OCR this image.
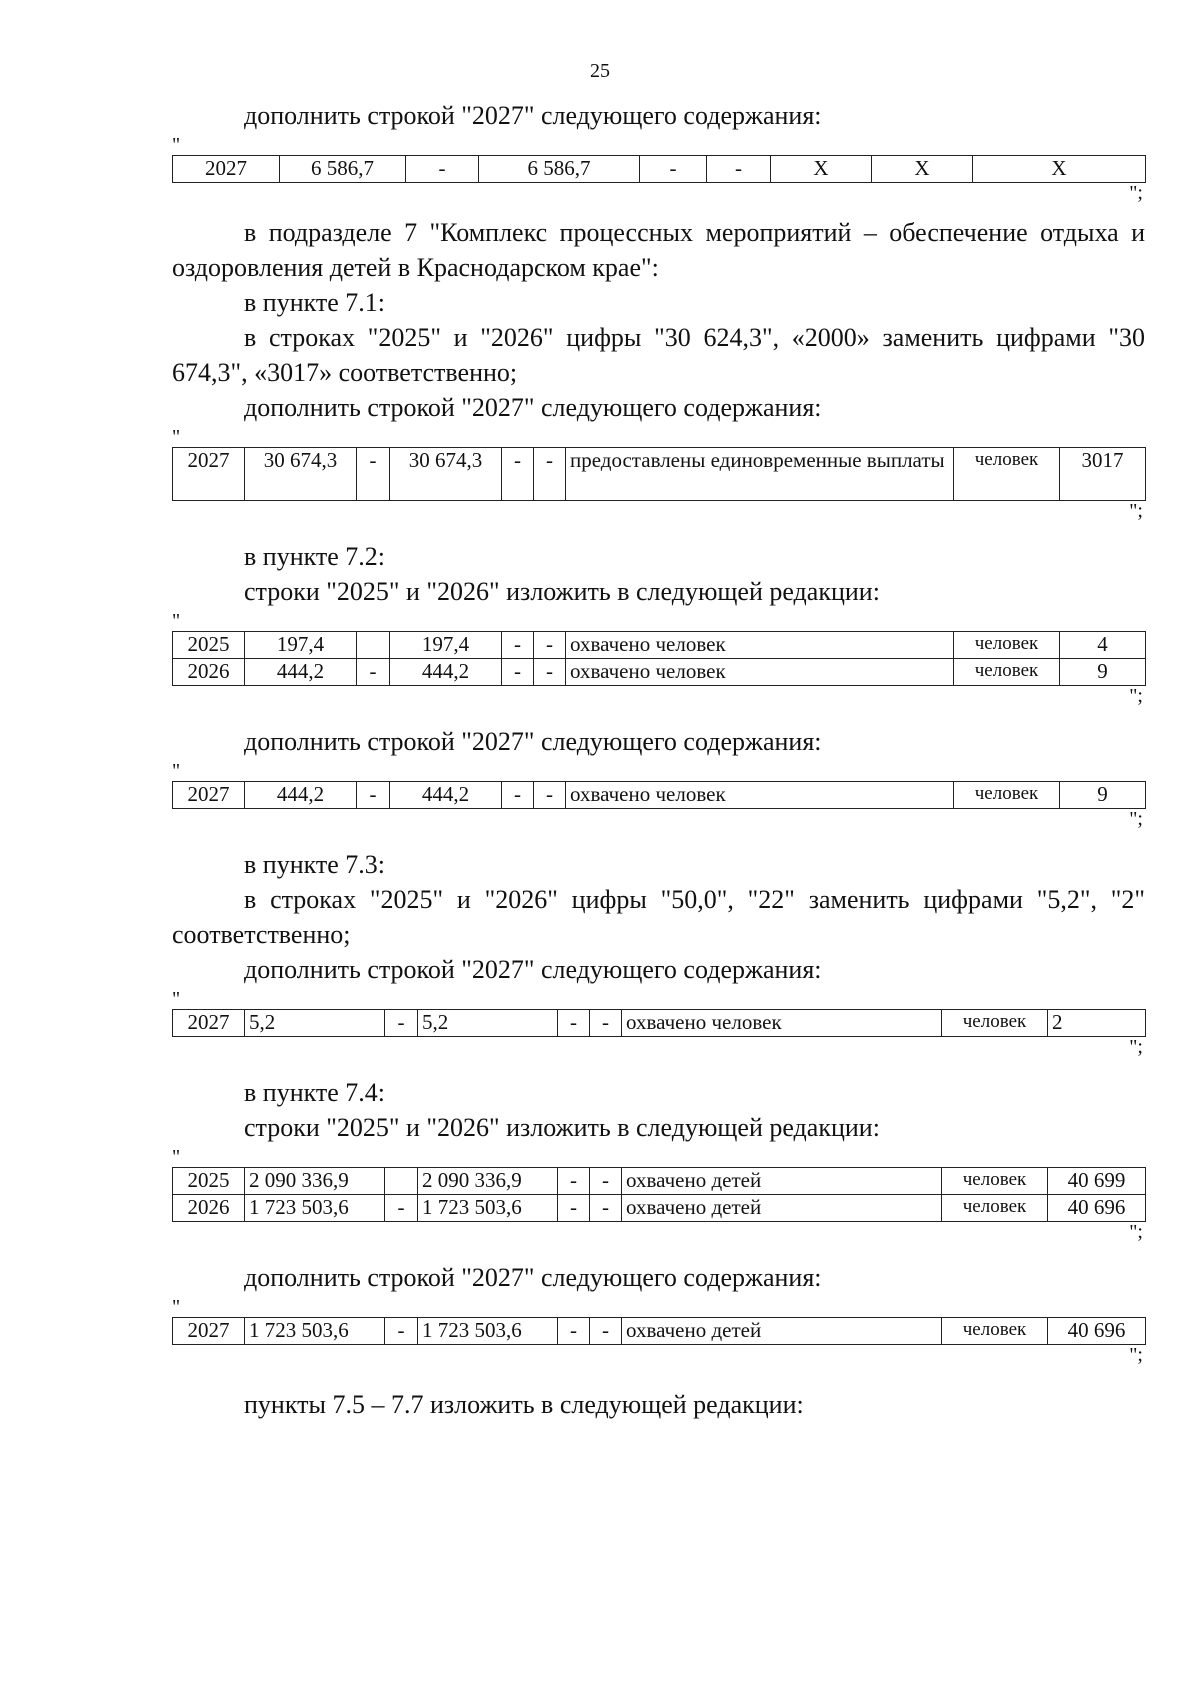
25

дополнить строкой "2027" следующего содержания:

"
2027	6 586,7	-	6 586,7	-	-	X	X	X
";

в подразделе 7 "Комплекс процессных мероприятий – обеспечение отдыха и оздоровления детей в Краснодарском крае":

в пункте 7.1:

в строках "2025" и "2026" цифры "30 624,3", «2000» заменить цифрами "30 674,3", «3017» соответственно;

дополнить строкой "2027" следующего содержания:

"
2027	30 674,3	-	30 674,3	-	-	предоставлены единовременные выплаты	человек	3017
";

в пункте 7.2:

строки "2025" и "2026" изложить в следующей редакции:

"
2025	197,4		197,4	-	-	охвачено человек	человек	4
2026	444,2	-	444,2	-	-	охвачено человек	человек	9
";

дополнить строкой "2027" следующего содержания:

"
2027	444,2	-	444,2	-	-	охвачено человек	человек	9
";

в пункте 7.3:

в строках "2025" и "2026" цифры "50,0", "22" заменить цифрами "5,2", "2" соответственно;

дополнить строкой "2027" следующего содержания:

"
2027	5,2	-	5,2	-	-	охвачено человек	человек	2
";

в пункте 7.4:

строки "2025" и "2026" изложить в следующей редакции:

"
2025	2 090 336,9		2 090 336,9	-	-	охвачено детей	человек	40 699
2026	1 723 503,6	-	1 723 503,6	-	-	охвачено детей	человек	40 696
";

дополнить строкой "2027" следующего содержания:

"
2027	1 723 503,6	-	1 723 503,6	-	-	охвачено детей	человек	40 696
";

пункты 7.5 – 7.7 изложить в следующей редакции:
